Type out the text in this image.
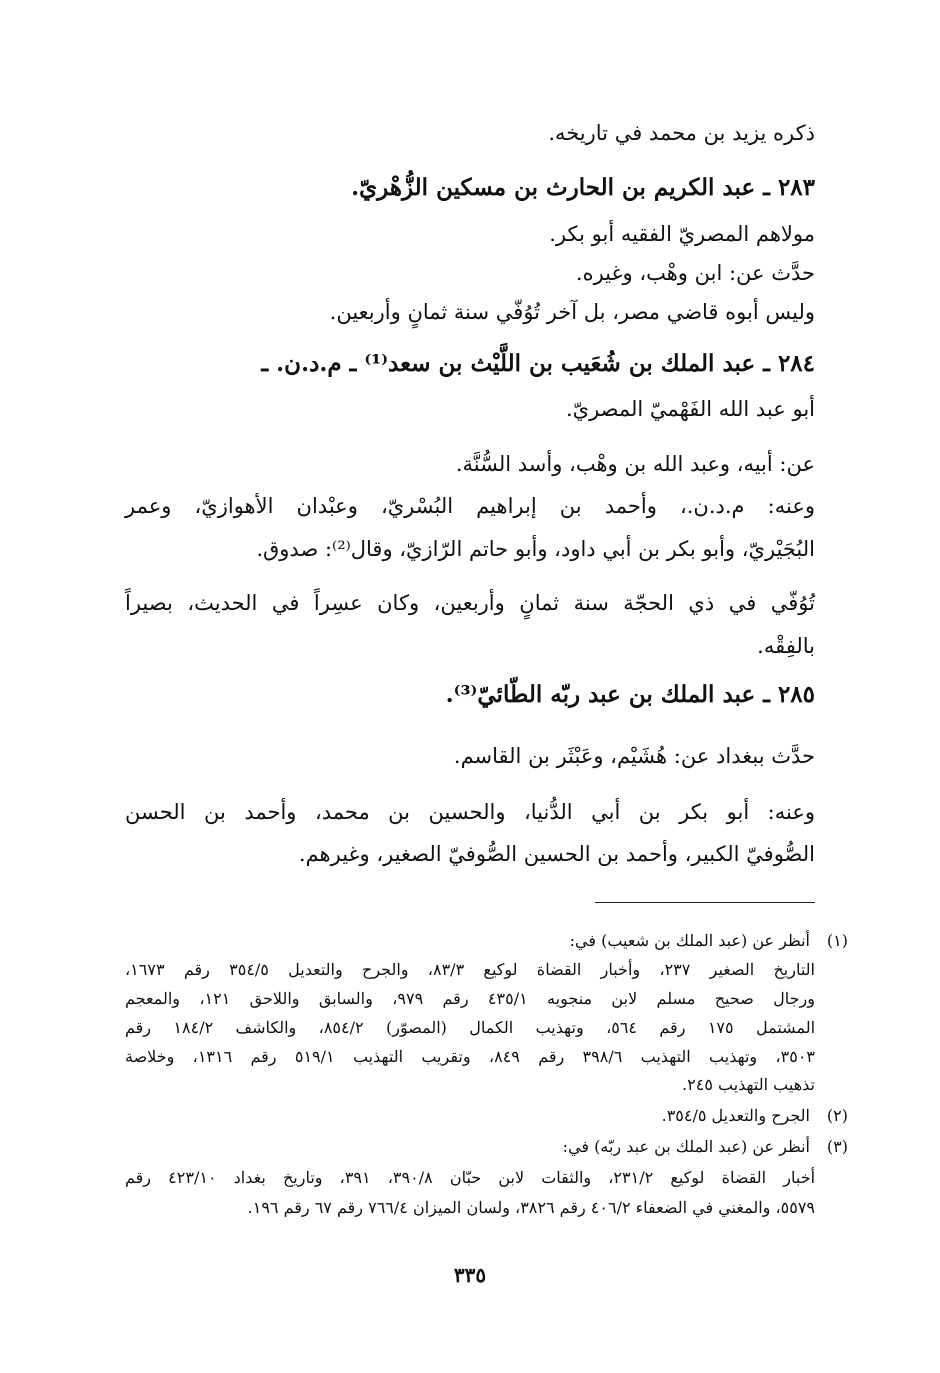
ذكره يزيد بن محمد في تاريخه.
٢٨٣ ـ عبد الكريم بن الحارث بن مسكين الزُّهْريّ.
مولاهم المصريّ الفقيه أبو بكر.
حدَّث عن: ابن وهْب، وغيره.
وليس أبوه قاضي مصر، بل آخر تُوُفّي سنة ثمانٍ وأربعين.
٢٨٤ ـ عبد الملك بن شُعَيب بن اللَّيْث بن سعد⁽¹⁾ ـ م.د.ن. ـ
أبو عبد الله الفَهْميّ المصريّ.
عن: أبيه، وعبد الله بن وهْب، وأسد السُّنَّة.
وعنه: م.د.ن.، وأحمد بن إبراهيم البُسْريّ، وعبْدان الأهوازيّ، وعمر
البُجَيْريّ، وأبو بكر بن أبي داود، وأبو حاتم الرّازيّ، وقال⁽²⁾: صدوق.
تُوُفّي في ذي الحجّة سنة ثمانٍ وأربعين، وكان عسِراً في الحديث، بصيراً
بالفِقْه.
٢٨٥ ـ عبد الملك بن عبد ربّه الطّائيّ⁽³⁾.
حدَّث ببغداد عن: هُشَيْم، وعَبْثَر بن القاسم.
وعنه: أبو بكر بن أبي الدُّنيا، والحسين بن محمد، وأحمد بن الحسن
الصُّوفيّ الكبير، وأحمد بن الحسين الصُّوفيّ الصغير، وغيرهم.
(١)أنظر عن (عبد الملك بن شعيب) في:
التاريخ الصغير ٢٣٧، وأخبار القضاة لوكيع ٨٣/٣، والجرح والتعديل ٣٥٤/٥ رقم ١٦٧٣،
ورجال صحيح مسلم لابن منجويه ٤٣٥/١ رقم ٩٧٩، والسابق واللاحق ١٢١، والمعجم
المشتمل ١٧٥ رقم ٥٦٤، وتهذيب الكمال (المصوّر) ٨٥٤/٢، والكاشف ١٨٤/٢ رقم
٣٥٠٣، وتهذيب التهذيب ٣٩٨/٦ رقم ٨٤٩، وتقريب التهذيب ٥١٩/١ رقم ١٣١٦، وخلاصة
تذهيب التهذيب ٢٤٥.
(٢)الجرح والتعديل ٣٥٤/٥.
(٣)أنظر عن (عبد الملك بن عبد ربّه) في:
أخبار القضاة لوكيع ٢٣١/٢، والثقات لابن حبّان ٣٩٠/٨، ٣٩١، وتاريخ بغداد ٤٢٣/١٠ رقم
٥٥٧٩، والمغني في الضعفاء ٤٠٦/٢ رقم ٣٨٢٦، ولسان الميزان ٧٦٦/٤ رقم ٦٧ رقم ١٩٦.
٣٣٥
